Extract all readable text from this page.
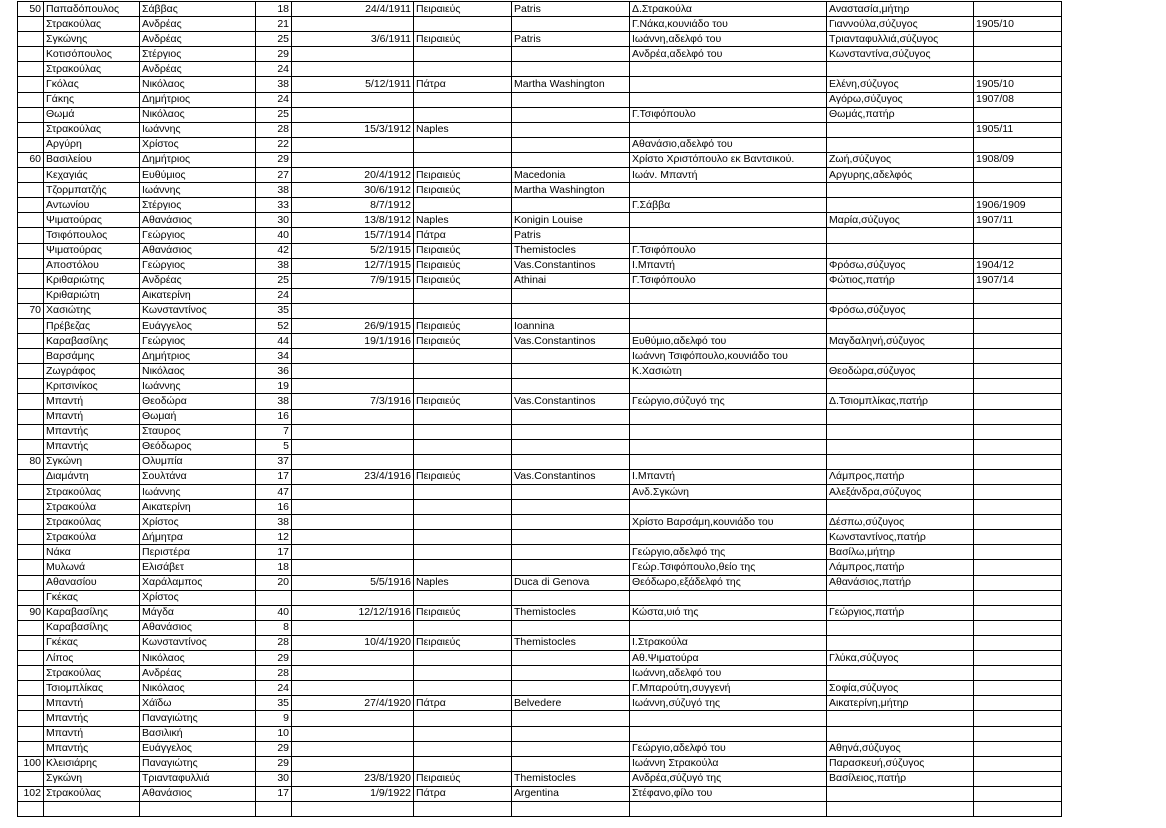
50	Παπαδόπουλος	Σάββας	18	24/4/1911	Πειραιεύς	Patris	Δ.Στρακούλα	Αναστασία,μήτηρ	
	Στρακούλας	Ανδρέας	21				Γ.Νάκα,κουνιάδο του	Γιαννούλα,σύζυγος	1905/10
	Σγκώνης	Ανδρέας	25	3/6/1911	Πειραιεύς	Patris	Ιωάννη,αδελφό του	Τριανταφυλλιά,σύζυγος	
	Κοτισόπουλος	Στέργιος	29				Ανδρέα,αδελφό του	Κωνσταντίνα,σύζυγος	
	Στρακούλας	Ανδρέας	24						
	Γκόλας	Νικόλαος	38	5/12/1911	Πάτρα	Martha Washington		Ελένη,σύζυγος	1905/10
	Γάκης	Δημήτριος	24					Αγόρω,σύζυγος	1907/08
	Θωμά	Νικόλαος	25				Γ.Τσιφόπουλο	Θωμάς,πατήρ	
	Στρακούλας	Ιωάννης	28	15/3/1912	Naples				1905/11
	Αργύρη	Χρίστος	22				Αθανάσιο,αδελφό του		
60	Βασιλείου	Δημήτριος	29				Χρίστο Χριστόπουλο εκ Βαντσικού.	Ζωή,σύζυγος	1908/09
	Κεχαγιάς	Ευθύμιος	27	20/4/1912	Πειραιεύς	Macedonia	Ιωάν. Μπαντή	Αργυρης,αδελφός	
	Τζορμπατζής	Ιωάννης	38	30/6/1912	Πειραιεύς	Martha Washington			
	Αντωνίου	Στέργιος	33	8/7/1912			Γ.Σάββα		1906/1909
	Ψιματούρας	Αθανάσιος	30	13/8/1912	Naples	Konigin Louise		Μαρία,σύζυγος	1907/11
	Τσιφόπουλος	Γεώργιος	40	15/7/1914	Πάτρα	Patris			
	Ψιματούρας	Αθανάσιος	42	5/2/1915	Πειραιεύς	Themistocles	Γ.Τσιφόπουλο		
	Αποστόλου	Γεώργιος	38	12/7/1915	Πειραιεύς	Vas.Constantinos	Ι.Μπαντή	Φρόσω,σύζυγος	1904/12
	Κριθαριώτης	Ανδρέας	25	7/9/1915	Πειραιεύς	Athinai	Γ.Τσιφόπουλο	Φώτιος,πατήρ	1907/14
	Κριθαριώτη	Αικατερίνη	24						
70	Χασιώτης	Κωνσταντίνος	35					Φρόσω,σύζυγος	
	Πρέβεζας	Ευάγγελος	52	26/9/1915	Πειραιεύς	Ioannina			
	Καραβασίλης	Γεώργιος	44	19/1/1916	Πειραιεύς	Vas.Constantinos	Ευθύμιο,αδελφό του	Μαγδαληνή,σύζυγος	
	Βαρσάμης	Δημήτριος	34				Ιωάννη Τσιφόπουλο,κουνιάδο του		
	Ζωγράφος	Νικόλαος	36				Κ.Χασιώτη	Θεοδώρα,σύζυγος	
	Κριτσινίκος	Ιωάννης	19						
	Μπαντή	Θεοδώρα	38	7/3/1916	Πειραιεύς	Vas.Constantinos	Γεώργιο,σύζυγό της	Δ.Τσιομπλίκας,πατήρ	
	Μπαντή	Θωμαή	16						
	Μπαντής	Σταυρος	7						
	Μπαντής	Θεόδωρος	5						
80	Σγκώνη	Ολυμπία	37						
	Διαμάντη	Σουλτάνα	17	23/4/1916	Πειραιεύς	Vas.Constantinos	Ι.Μπαντή	Λάμπρος,πατήρ	
	Στρακούλας	Ιωάννης	47				Ανδ.Σγκώνη	Αλεξάνδρα,σύζυγος	
	Στρακούλα	Αικατερίνη	16						
	Στρακούλας	Χρίστος	38				Χρίστο Βαρσάμη,κουνιάδο του	Δέσπω,σύζυγος	
	Στρακούλα	Δήμητρα	12					Κωνσταντίνος,πατήρ	
	Νάκα	Περιστέρα	17				Γεώργιο,αδελφό της	Βασίλω,μήτηρ	
	Μυλωνά	Ελισάβετ	18				Γεώρ.Τσιφόπουλο,θείο της	Λάμπρος,πατήρ	
	Αθανασίου	Χαράλαμπος	20	5/5/1916	Naples	Duca di Genova	Θεόδωρο,εξάδελφό της	Αθανάσιος,πατήρ	
	Γκέκας	Χρίστος							
90	Καραβασίλης	Μάγδα	40	12/12/1916	Πειραιεύς	Themistocles	Κώστα,υιό της	Γεώργιος,πατήρ	
	Καραβασίλης	Αθανάσιος	8						
	Γκέκας	Κωνσταντίνος	28	10/4/1920	Πειραιεύς	Themistocles	Ι.Στρακούλα		
	Λίπος	Νικόλαος	29				Αθ.Ψιματούρα	Γλύκα,σύζυγος	
	Στρακούλας	Ανδρέας	28				Ιωάννη,αδελφό του		
	Τσιομπλίκας	Νικόλαος	24				Γ.Μπαρούτη,συγγενή	Σοφία,σύζυγος	
	Μπαντή	Χάϊδω	35	27/4/1920	Πάτρα	Belvedere	Ιωάννη,σύζυγό της	Αικατερίνη,μήτηρ	
	Μπαντής	Παναγιώτης	9						
	Μπαντή	Βασιλική	10						
	Μπαντής	Ευάγγελος	29				Γεώργιο,αδελφό του	Αθηνά,σύζυγος	
100	Κλεισιάρης	Παναγιώτης	29				Ιωάννη Στρακούλα	Παρασκευή,σύζυγος	
	Σγκώνη	Τριανταφυλλιά	30	23/8/1920	Πειραιεύς	Themistocles	Ανδρέα,σύζυγό της	Βασίλειος,πατήρ	
102	Στρακούλας	Αθανάσιος	17	1/9/1922	Πάτρα	Argentina	Στέφανο,φίλο του		
